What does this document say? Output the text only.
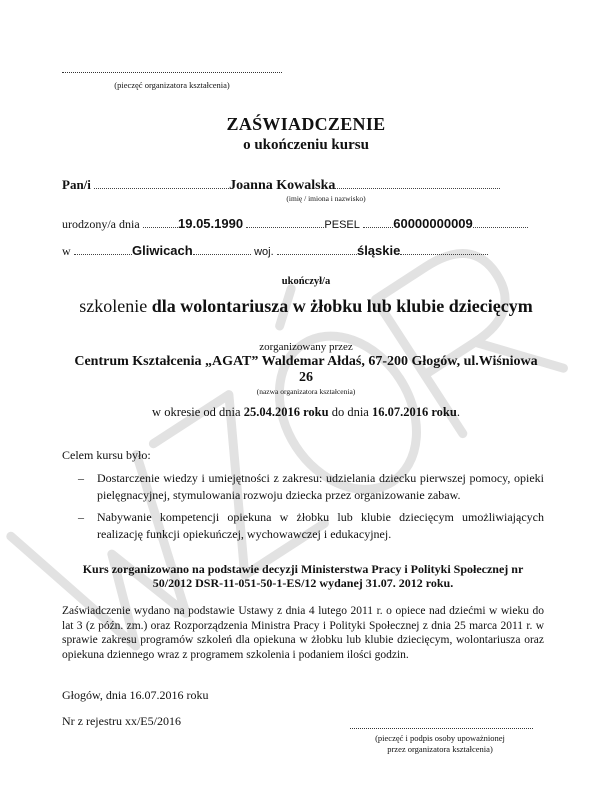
(pieczęć organizatora kształcenia)
ZAŚWIADCZENIE
o ukończeniu kursu
Pan/i	Joanna Kowalska
(imię / imiona i nazwisko)
urodzony/a dnia	19.05.1990	PESEL	60000000009
w	Gliwicach	woj.	śląskie
ukończył/a
szkolenie dla wolontariusza w żłobku lub klubie dziecięcym
zorganizowany przez
Centrum Kształcenia „AGAT” Waldemar Ałdaś, 67-200 Głogów, ul.Wiśniowa
26
(nazwa organizatora kształcenia)
w okresie od dnia 25.04.2016 roku do dnia 16.07.2016 roku.
Celem kursu było:
– Dostarczenie wiedzy i umiejętności z zakresu: udzielania dziecku pierwszej pomocy, opieki pielęgnacyjnej, stymulowania rozwoju dziecka przez organizowanie zabaw.
– Nabywanie kompetencji opiekuna w żłobku lub klubie dziecięcym umożliwiających realizację funkcji opiekuńczej, wychowawczej i edukacyjnej.
Kurs zorganizowano na podstawie decyzji Ministerstwa Pracy i Polityki Społecznej nr
50/2012 DSR-11-051-50-1-ES/12 wydanej 31.07. 2012 roku.
Zaświadczenie wydano na podstawie Ustawy z dnia 4 lutego 2011 r. o opiece nad dziećmi w wieku do lat 3 (z późn. zm.) oraz Rozporządzenia Ministra Pracy i Polityki Społecznej z dnia 25 marca 2011 r. w sprawie zakresu programów szkoleń dla opiekuna w żłobku lub klubie dziecięcym, wolontariusza oraz opiekuna dziennego wraz z programem szkolenia i podaniem ilości godzin.
Głogów, dnia 16.07.2016 roku
Nr z rejestru xx/E5/2016
(pieczęć i podpis osoby upoważnionej
przez organizatora kształcenia)
